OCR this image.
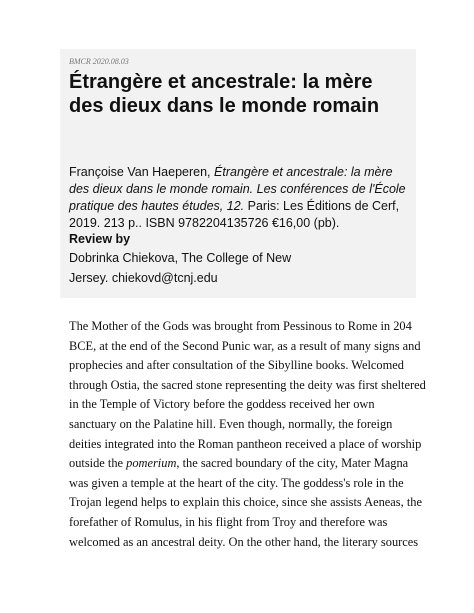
BMCR 2020.08.03

Étrangère et ancestrale: la mère des dieux dans le monde romain

Françoise Van Haeperen, Étrangère et ancestrale: la mère des dieux dans le monde romain. Les conférences de l'École pratique des hautes études, 12. Paris: Les Éditions de Cerf, 2019. 213 p.. ISBN 9782204135726 €16,00 (pb).

Review by

Dobrinka Chiekova, The College of New
Jersey. chiekovd@tcnj.edu

The Mother of the Gods was brought from Pessinous to Rome in 204
BCE, at the end of the Second Punic war, as a result of many signs and
prophecies and after consultation of the Sibylline books. Welcomed
through Ostia, the sacred stone representing the deity was first sheltered
in the Temple of Victory before the goddess received her own
sanctuary on the Palatine hill. Even though, normally, the foreign
deities integrated into the Roman pantheon received a place of worship
outside the pomerium, the sacred boundary of the city, Mater Magna
was given a temple at the heart of the city. The goddess's role in the
Trojan legend helps to explain this choice, since she assists Aeneas, the
forefather of Romulus, in his flight from Troy and therefore was
welcomed as an ancestral deity. On the other hand, the literary sources
